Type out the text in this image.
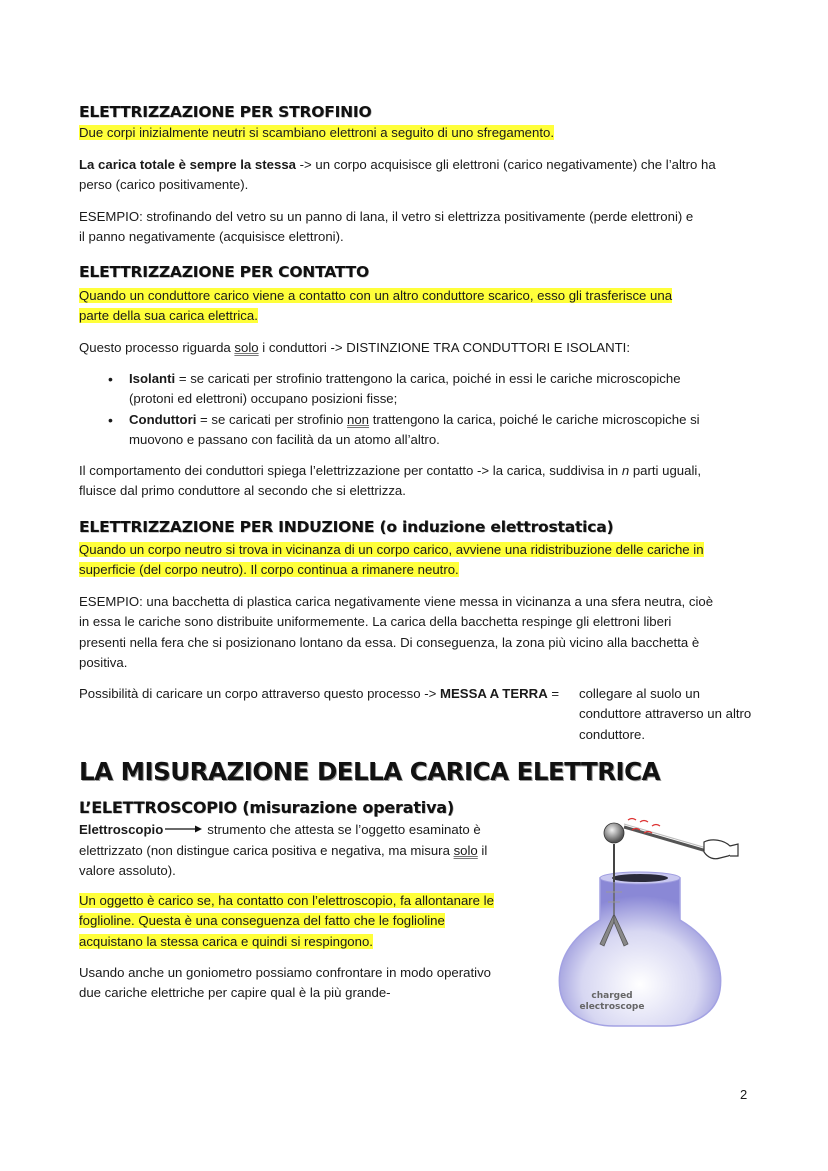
ELETTRIZZAZIONE PER STROFINIO
Due corpi inizialmente neutri si scambiano elettroni a seguito di uno sfregamento.
La carica totale è sempre la stessa -> un corpo acquisisce gli elettroni (carico negativamente) che l’altro ha
perso (carico positivamente).
ESEMPIO: strofinando del vetro su un panno di lana, il vetro si elettrizza positivamente (perde elettroni) e
il panno negativamente (acquisisce elettroni).
ELETTRIZZAZIONE PER CONTATTO
Quando un conduttore carico viene a contatto con un altro conduttore scarico, esso gli trasferisce una
parte della sua carica elettrica.
Questo processo riguarda solo i conduttori -> DISTINZIONE TRA CONDUTTORI E ISOLANTI:
• Isolanti = se caricati per strofinio trattengono la carica, poiché in essi le cariche microscopiche
(protoni ed elettroni) occupano posizioni fisse;
• Conduttori = se caricati per strofinio non trattengono la carica, poiché le cariche microscopiche si
muovono e passano con facilità da un atomo all’altro.
Il comportamento dei conduttori spiega l’elettrizzazione per contatto -> la carica, suddivisa in n parti uguali,
fluisce dal primo conduttore al secondo che si elettrizza.
ELETTRIZZAZIONE PER INDUZIONE (o induzione elettrostatica)
Quando un corpo neutro si trova in vicinanza di un corpo carico, avviene una ridistribuzione delle cariche in
superficie (del corpo neutro). Il corpo continua a rimanere neutro.
ESEMPIO: una bacchetta di plastica carica negativamente viene messa in vicinanza a una sfera neutra, cioè
in essa le cariche sono distribuite uniformemente. La carica della bacchetta respinge gli elettroni liberi
presenti nella fera che si posizionano lontano da essa. Di conseguenza, la zona più vicino alla bacchetta è
positiva.
Possibilità di caricare un corpo attraverso questo processo -> MESSA A TERRA = collegare al suolo un
conduttore attraverso un altro
conduttore.
LA MISURAZIONE DELLA CARICA ELETTRICA
L’ELETTROSCOPIO (misurazione operativa)
Elettroscopio	strumento che attesta se l’oggetto esaminato è
elettrizzato (non distingue carica positiva e negativa, ma misura solo il
valore assoluto).
Un oggetto è carico se, ha contatto con l’elettroscopio, fa allontanare le
foglioline. Questa è una conseguenza del fatto che le foglioline
acquistano la stessa carica e quindi si respingono.
Usando anche un goniometro possiamo confrontare in modo operativo
due cariche elettriche per capire qual è la più grande-	charged
electroscope
2
